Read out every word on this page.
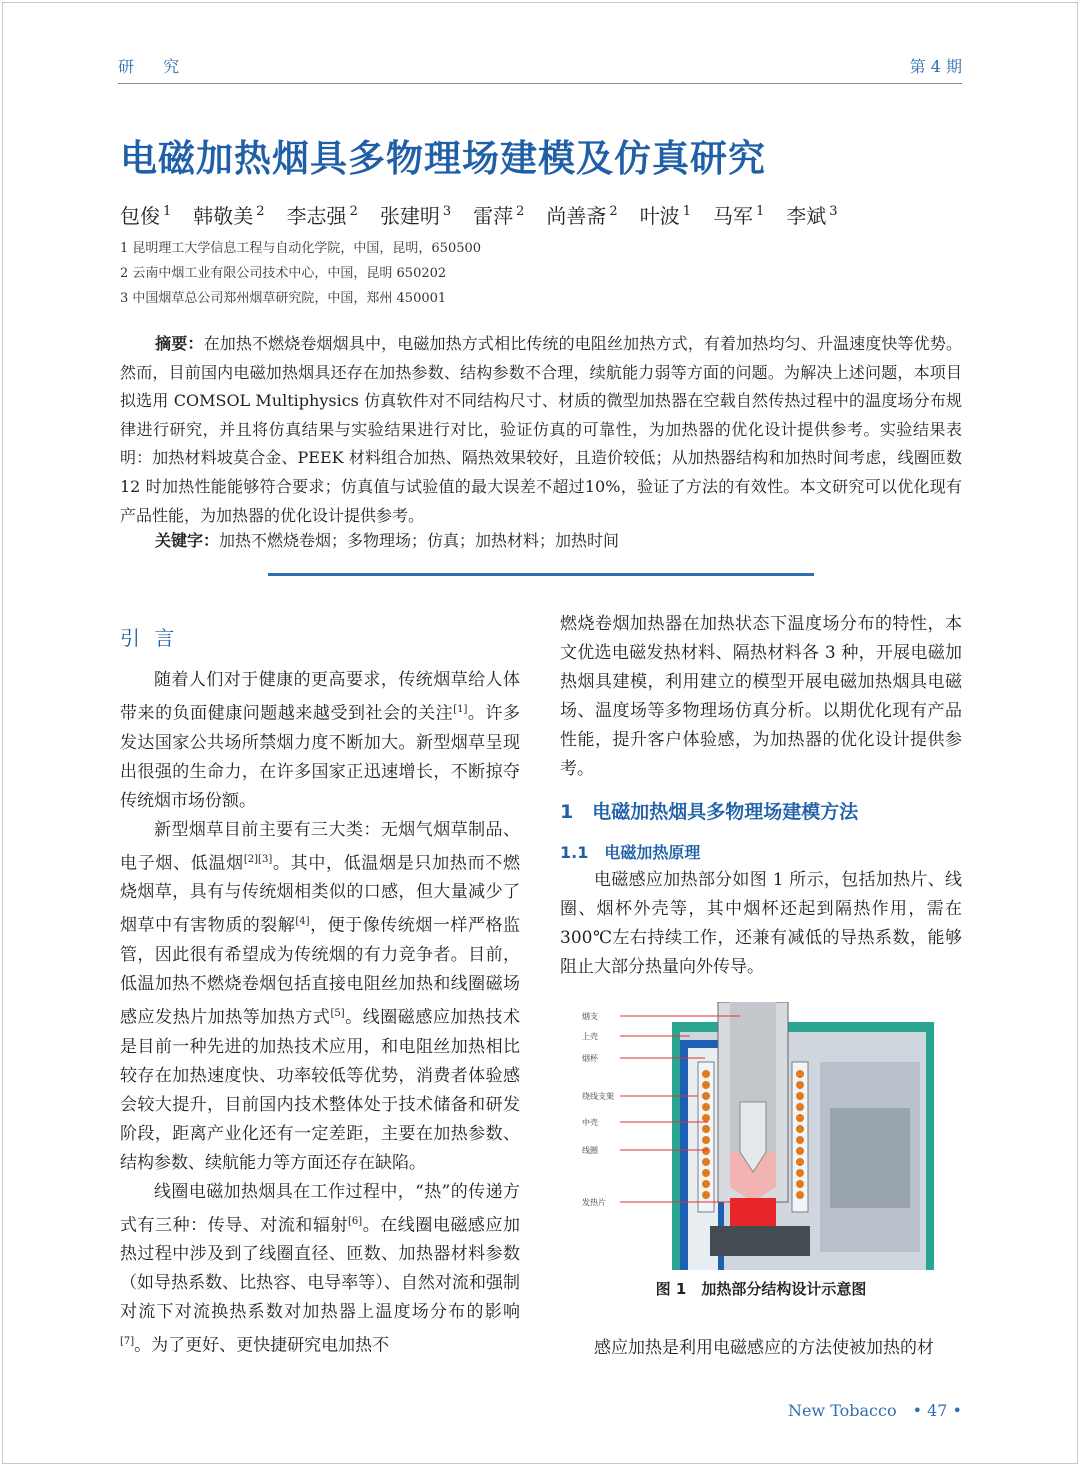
研 究	第 4 期
电磁加热烟具多物理场建模及仿真研究
包俊 $^1$ 韩敬美 $^2$ 李志强 $^2$ 张建明 $^3$ 雷萍 $^2$ 尚善斋 $^2$ 叶波 $^1$ 马军 $^1$ 李斌 $^3$
1 昆明理工大学信息工程与自动化学院，中国，昆明，650500
2 云南中烟工业有限公司技术中心，中国，昆明 650202
3 中国烟草总公司郑州烟草研究院，中国，郑州 450001
摘要：在加热不燃烧卷烟烟具中，电磁加热方式相比传统的电阻丝加热方式，有着加热均匀、升温速度快等优势。然而，目前国内电磁加热烟具还存在加热参数、结构参数不合理，续航能力弱等方面的问题。为解决上述问题，本项目拟选用 COMSOL Multiphysics 仿真软件对不同结构尺寸、材质的微型加热器在空载自然传热过程中的温度场分布规律进行研究，并且将仿真结果与实验结果进行对比，验证仿真的可靠性，为加热器的优化设计提供参考。实验结果表明：加热材料坡莫合金、PEEK 材料组合加热、隔热效果较好，且造价较低；从加热器结构和加热时间考虑，线圈匝数 12 时加热性能能够符合要求；仿真值与试验值的最大误差不超过10%，验证了方法的有效性。本文研究可以优化现有产品性能，为加热器的优化设计提供参考。
关键字：加热不燃烧卷烟；多物理场；仿真；加热材料；加热时间
引 言

随着人们对于健康的更高要求，传统烟草给人体带来的负面健康问题越来越受到社会的关注[1]。许多发达国家公共场所禁烟力度不断加大。新型烟草呈现出很强的生命力，在许多国家正迅速增长，不断掠夺传统烟市场份额。

新型烟草目前主要有三大类：无烟气烟草制品、电子烟、低温烟[2][3]。其中，低温烟是只加热而不燃烧烟草，具有与传统烟相类似的口感，但大量减少了烟草中有害物质的裂解[4]，便于像传统烟一样严格监管，因此很有希望成为传统烟的有力竞争者。目前，低温加热不燃烧卷烟包括直接电阻丝加热和线圈磁场感应发热片加热等加热方式[5]。线圈磁感应加热技术是目前一种先进的加热技术应用，和电阻丝加热相比较存在加热速度快、功率较低等优势，消费者体验感会较大提升，目前国内技术整体处于技术储备和研发阶段，距离产业化还有一定差距，主要在加热参数、结构参数、续航能力等方面还存在缺陷。

线圈电磁加热烟具在工作过程中，“热”的传递方式有三种：传导、对流和辐射[6]。在线圈电磁感应加热过程中涉及到了线圈直径、匝数、加热器材料参数（如导热系数、比热容、电导率等）、自然对流和强制对流下对流换热系数对加热器上温度场分布的影响[7]。为了更好、更快捷研究电加热不

燃烧卷烟加热器在加热状态下温度场分布的特性，本文优选电磁发热材料、隔热材料各 3 种，开展电磁加热烟具建模，利用建立的模型开展电磁加热烟具电磁场、温度场等多物理场仿真分析。以期优化现有产品性能，提升客户体验感，为加热器的优化设计提供参考。

1　电磁加热烟具多物理场建模方法
1.1　电磁加热原理

电磁感应加热部分如图 1 所示，包括加热片、线圈、烟杯外壳等，其中烟杯还起到隔热作用，需在 300℃左右持续工作，还兼有减低的导热系数，能够阻止大部分热量向外传导。

烟支
上壳
烟杯
绕线支架
中壳
线圈
发热片
图 1　加热部分结构设计示意图

感应加热是利用电磁感应的方法使被加热的材

New Tobacco　• 47 •
